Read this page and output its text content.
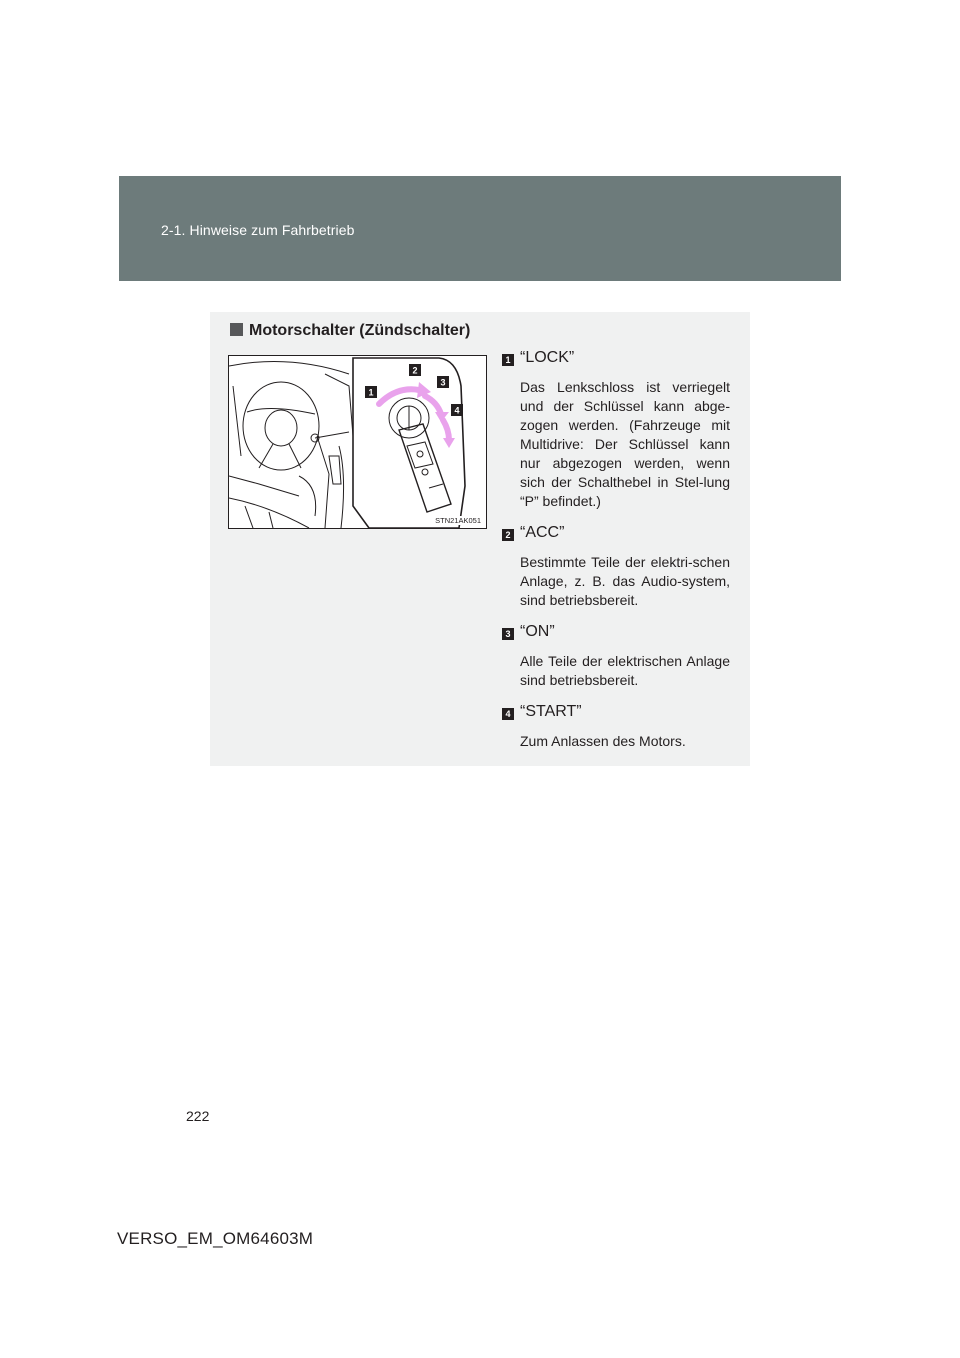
2-1. Hinweise zum Fahrbetrieb
Motorschalter (Zündschalter)
1
2
3
4
STN21AK051
1 “LOCK”

Das Lenkschloss ist verriegelt und der Schlüssel kann abge-zogen werden. (Fahrzeuge mit Multidrive: Der Schlüssel kann nur abgezogen werden, wenn sich der Schalthebel in Stel-lung “P” befindet.)

2 “ACC”

Bestimmte Teile der elektri-schen Anlage, z. B. das Audio-system, sind betriebsbereit.

3 “ON”

Alle Teile der elektrischen Anlage sind betriebsbereit.

4 “START”

Zum Anlassen des Motors.

222
VERSO_EM_OM64603M
